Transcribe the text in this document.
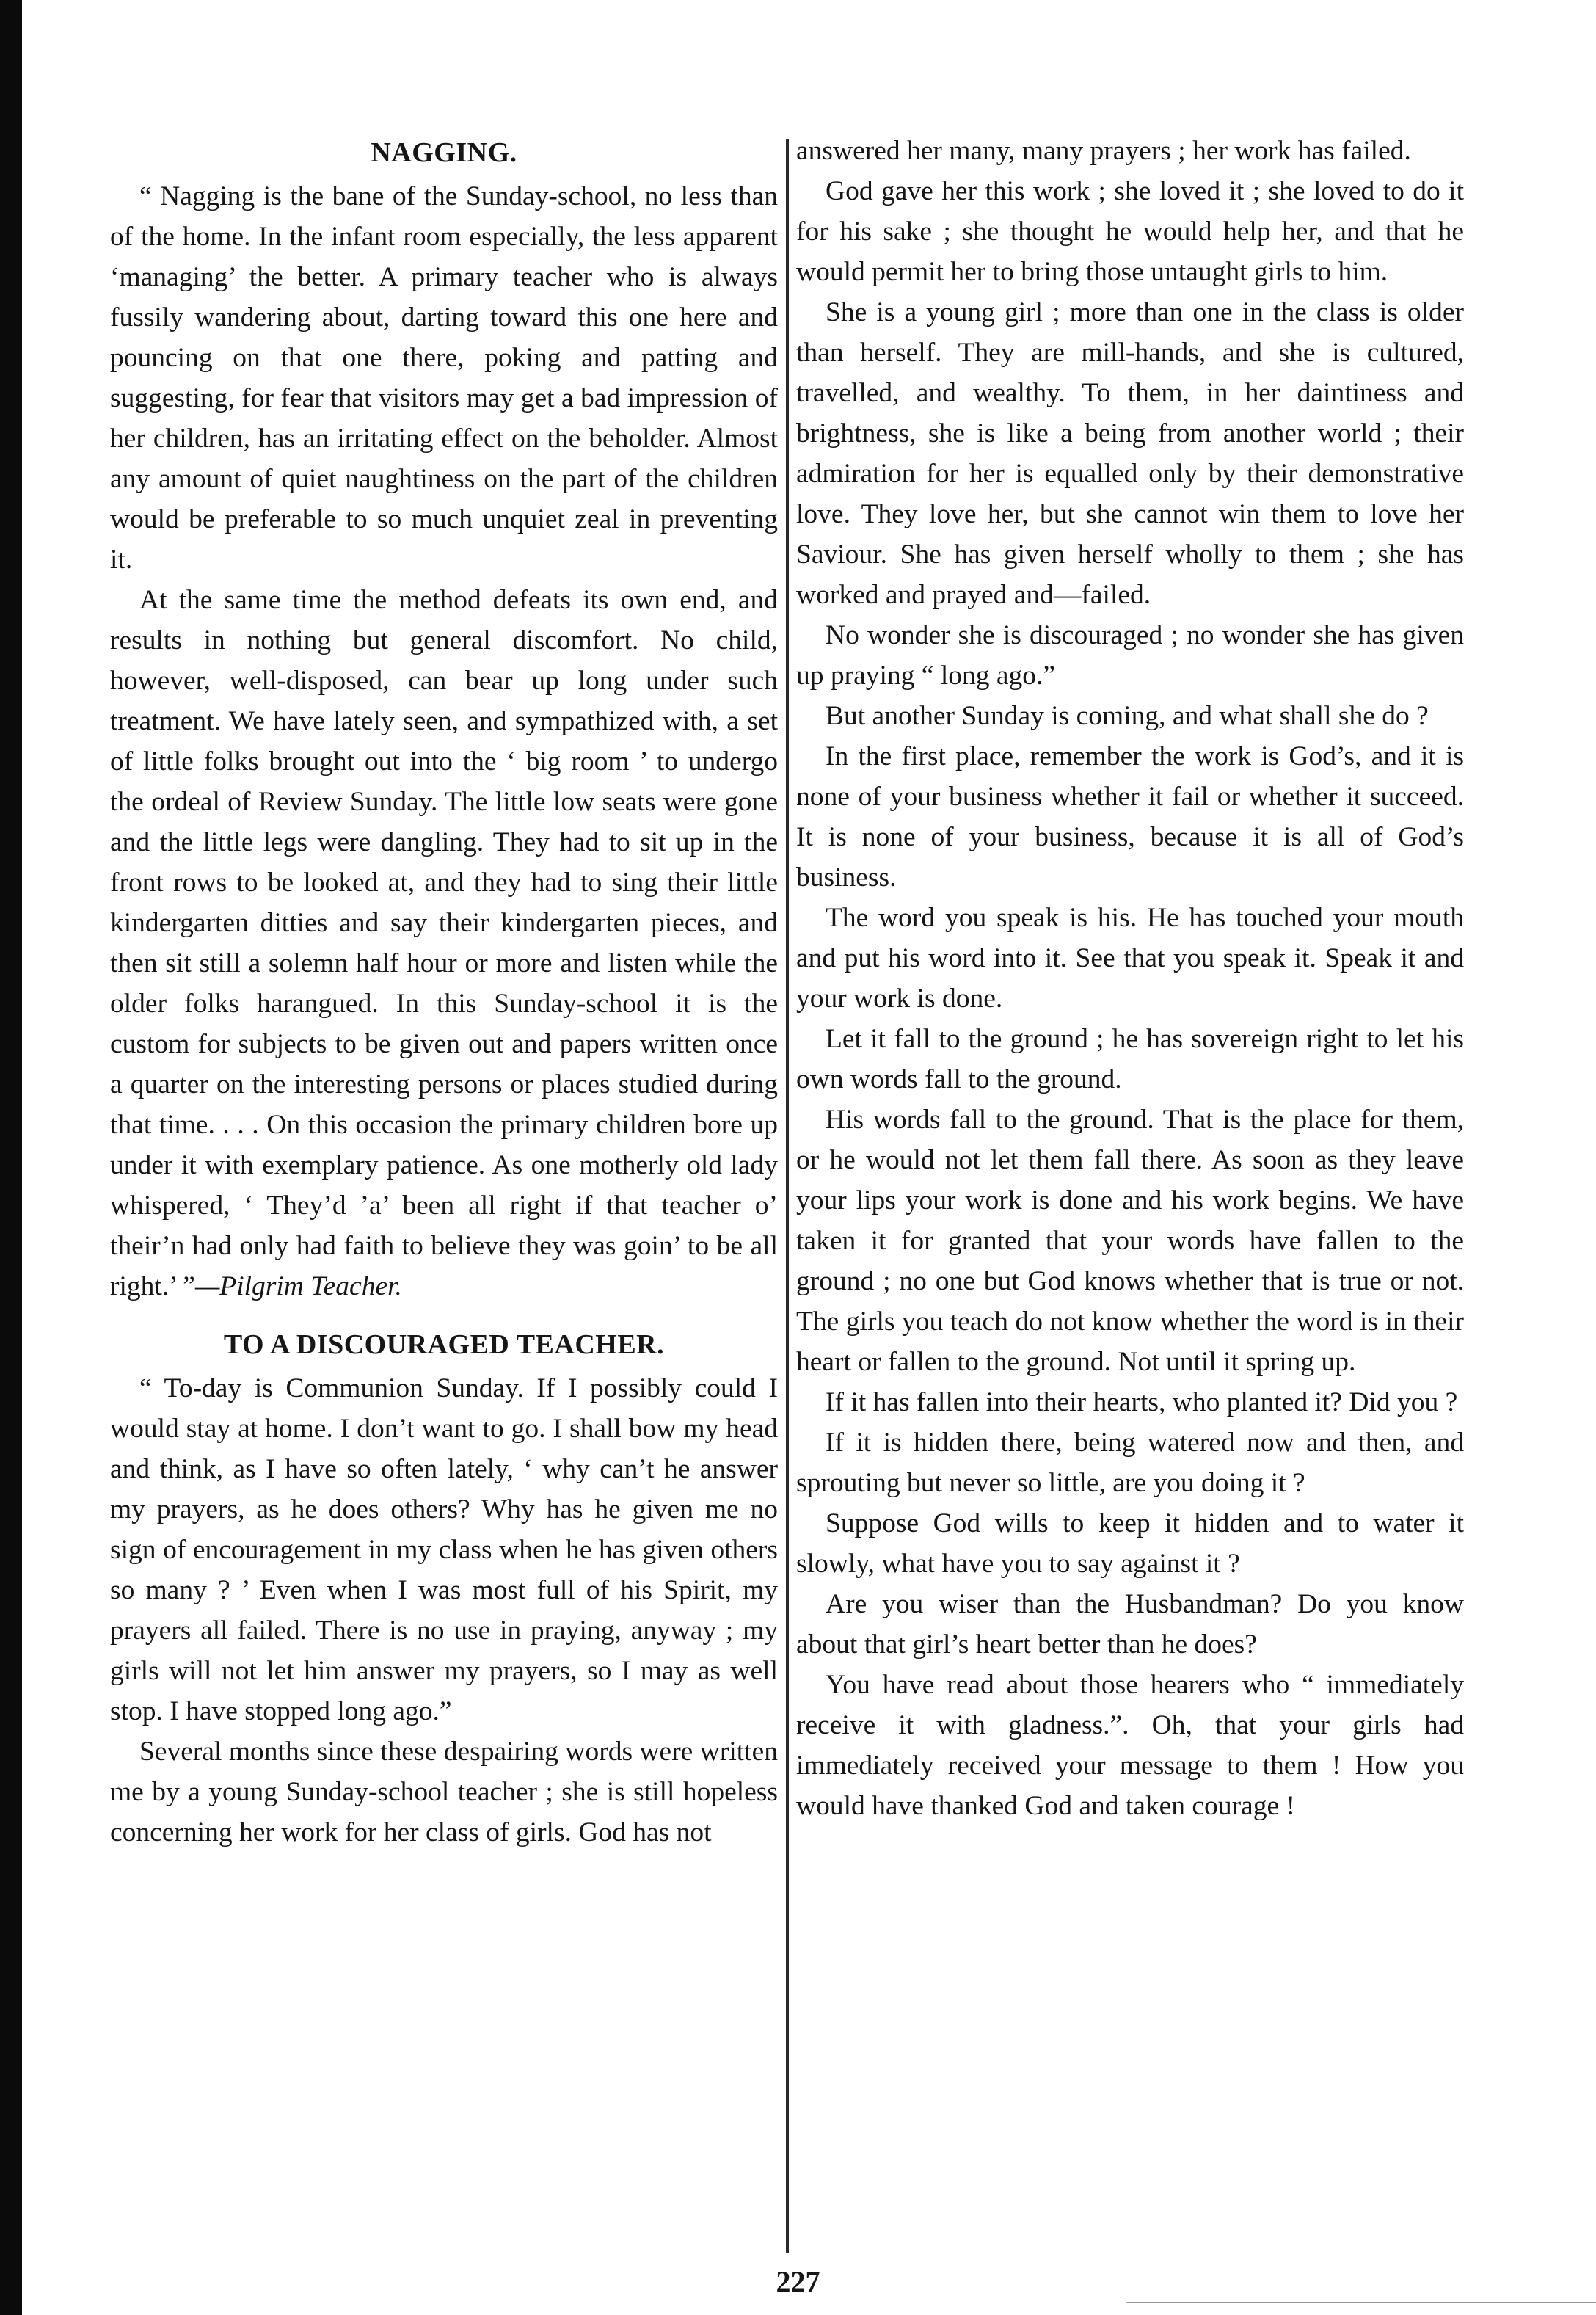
NAGGING.

“ Nagging is the bane of the Sunday-school, no less than of the home. In the infant room especially, the less apparent ‘managing’ the better. A primary teacher who is always fussily wandering about, darting toward this one here and pouncing on that one there, poking and patting and suggesting, for fear that visitors may get a bad impression of her children, has an irritating effect on the beholder. Almost any amount of quiet naughtiness on the part of the children would be preferable to so much unquiet zeal in preventing it.

At the same time the method defeats its own end, and results in nothing but general discomfort. No child, however, well-disposed, can bear up long under such treatment. We have lately seen, and sympathized with, a set of little folks brought out into the ‘ big room ’ to undergo the ordeal of Review Sunday. The little low seats were gone and the little legs were dangling. They had to sit up in the front rows to be looked at, and they had to sing their little kindergarten ditties and say their kindergarten pieces, and then sit still a solemn half hour or more and listen while the older folks harangued. In this Sunday-school it is the custom for subjects to be given out and papers written once a quarter on the interesting persons or places studied during that time. . . . On this occasion the primary children bore up under it with exemplary patience. As one motherly old lady whispered, ‘ They’d ’a’ been all right if that teacher o’ their’n had only had faith to believe they was goin’ to be all right.’ ”—Pilgrim Teacher.

TO A DISCOURAGED TEACHER.

“ To-day is Communion Sunday. If I possibly could I would stay at home. I don’t want to go. I shall bow my head and think, as I have so often lately, ‘ why can’t he answer my prayers, as he does others? Why has he given me no sign of encouragement in my class when he has given others so many ? ’ Even when I was most full of his Spirit, my prayers all failed. There is no use in praying, anyway ; my girls will not let him answer my prayers, so I may as well stop. I have stopped long ago.”

Several months since these despairing words were written me by a young Sunday-school teacher ; she is still hopeless concerning her work for her class of girls. God has not

answered her many, many prayers ; her work has failed.

God gave her this work ; she loved it ; she loved to do it for his sake ; she thought he would help her, and that he would permit her to bring those untaught girls to him.

She is a young girl ; more than one in the class is older than herself. They are mill-hands, and she is cultured, travelled, and wealthy. To them, in her daintiness and brightness, she is like a being from another world ; their admiration for her is equalled only by their demonstrative love. They love her, but she cannot win them to love her Saviour. She has given herself wholly to them ; she has worked and prayed and—failed.

No wonder she is discouraged ; no wonder she has given up praying “ long ago.”

But another Sunday is coming, and what shall she do ?

In the first place, remember the work is God’s, and it is none of your business whether it fail or whether it succeed. It is none of your business, because it is all of God’s business.

The word you speak is his. He has touched your mouth and put his word into it. See that you speak it. Speak it and your work is done.

Let it fall to the ground ; he has sovereign right to let his own words fall to the ground.

His words fall to the ground. That is the place for them, or he would not let them fall there. As soon as they leave your lips your work is done and his work begins. We have taken it for granted that your words have fallen to the ground ; no one but God knows whether that is true or not. The girls you teach do not know whether the word is in their heart or fallen to the ground. Not until it spring up.

If it has fallen into their hearts, who planted it? Did you ?

If it is hidden there, being watered now and then, and sprouting but never so little, are you doing it ?

Suppose God wills to keep it hidden and to water it slowly, what have you to say against it ?

Are you wiser than the Husbandman? Do you know about that girl’s heart better than he does?

You have read about those hearers who “ immediately receive it with gladness.”. Oh, that your girls had immediately received your message to them ! How you would have thanked God and taken courage !

227
